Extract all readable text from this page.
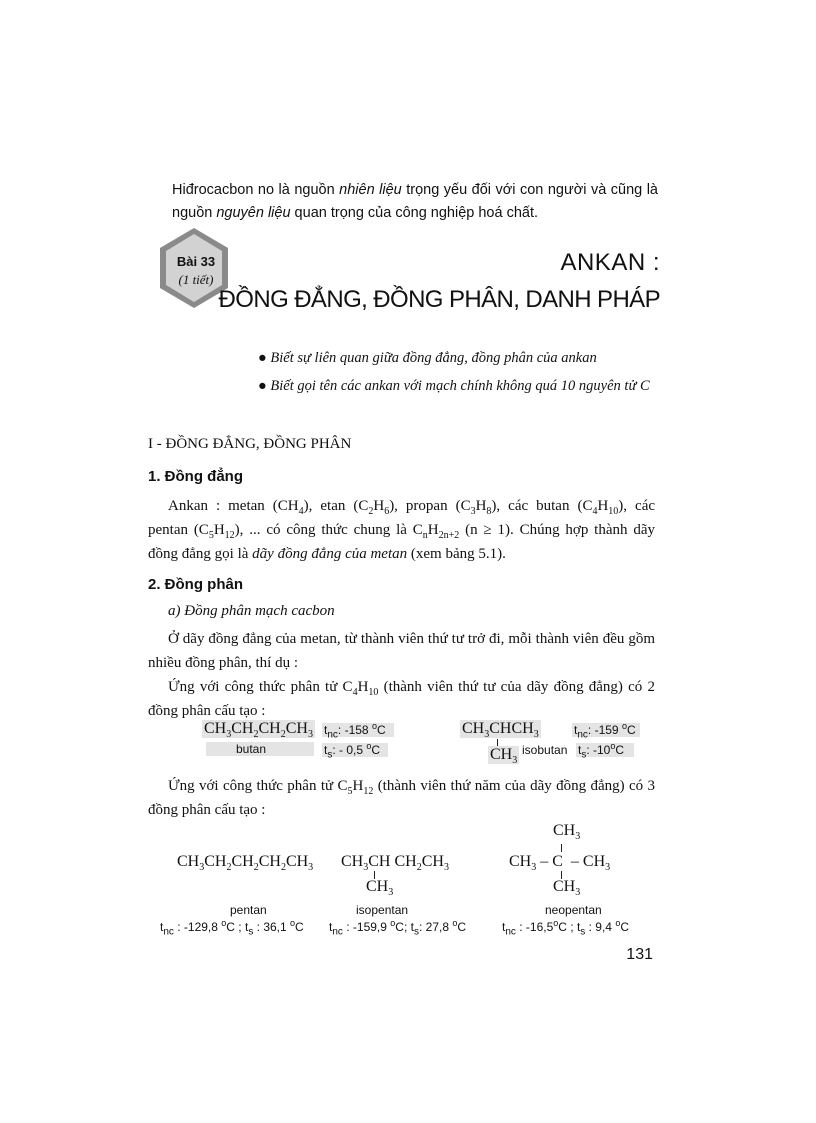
Hiđrocacbon no là nguồn nhiên liệu trọng yếu đối với con người và cũng là
nguồn nguyên liệu quan trọng của công nghiệp hoá chất.
Bài 33
(1 tiết)
ANKAN :
ĐỒNG ĐẲNG, ĐỒNG PHÂN, DANH PHÁP
● Biết sự liên quan giữa đồng đẳng, đồng phân của ankan
● Biết gọi tên các ankan với mạch chính không quá 10 nguyên tử C
I - ĐỒNG ĐẲNG, ĐỒNG PHÂN
1. Đồng đẳng

Ankan : metan $(CH_4)$, etan $(C_2H_6)$, propan $(C_3H_8)$, các butan $(C_4H_{10})$, các

pentan $(C_5H_{12})$, ... có công thức chung là $C_nH_{2n+2}$ (n ≥ 1). Chúng hợp thành dãy
đồng đẳng gọi là dãy đồng đẳng của metan (xem bảng 5.1).
2. Đồng phân
a) Đồng phân mạch cacbon

Ở dãy đồng đẳng của metan, từ thành viên thứ tư trở đi, mỗi thành viên đều gồm nhiều đồng phân, thí dụ :

Ứng với công thức phân tử $C_4H_{10}$ (thành viên thứ tư của dãy đồng đẳng) có 2 đồng phân cấu tạo :

$CH_3CH_2CH_2CH_3$ $t_{nc}$: -158 $^o$C
butan	$t_s$: - 0,5 $^o$C
$CH_3CHCH_3$
$CH_3$
isobutan
$t_{nc}$: -159 $^o$C
$t_s$: -10$^o$C

Ứng với công thức phân tử $C_5H_{12}$ (thành viên thứ năm của dãy đồng đẳng) có 3 đồng phân cấu tạo :

$CH_3CH_2CH_2CH_2CH_3$ $CH_3CH$ $CH_2CH_3$
$CH_3$
$CH_3$
$CH_3$ – C – $CH_3$
$CH_3$
pentan	isopentan	neopentan
$t_{nc}$ : -129,8 $^o$C ; $t_s$ : 36,1 $^o$C $t_{nc}$ : -159,9 $^o$C; $t_s$: 27,8 $^o$C	$t_{nc}$ : -16,5$^o$C ; $t_s$ : 9,4 $^o$C
131
